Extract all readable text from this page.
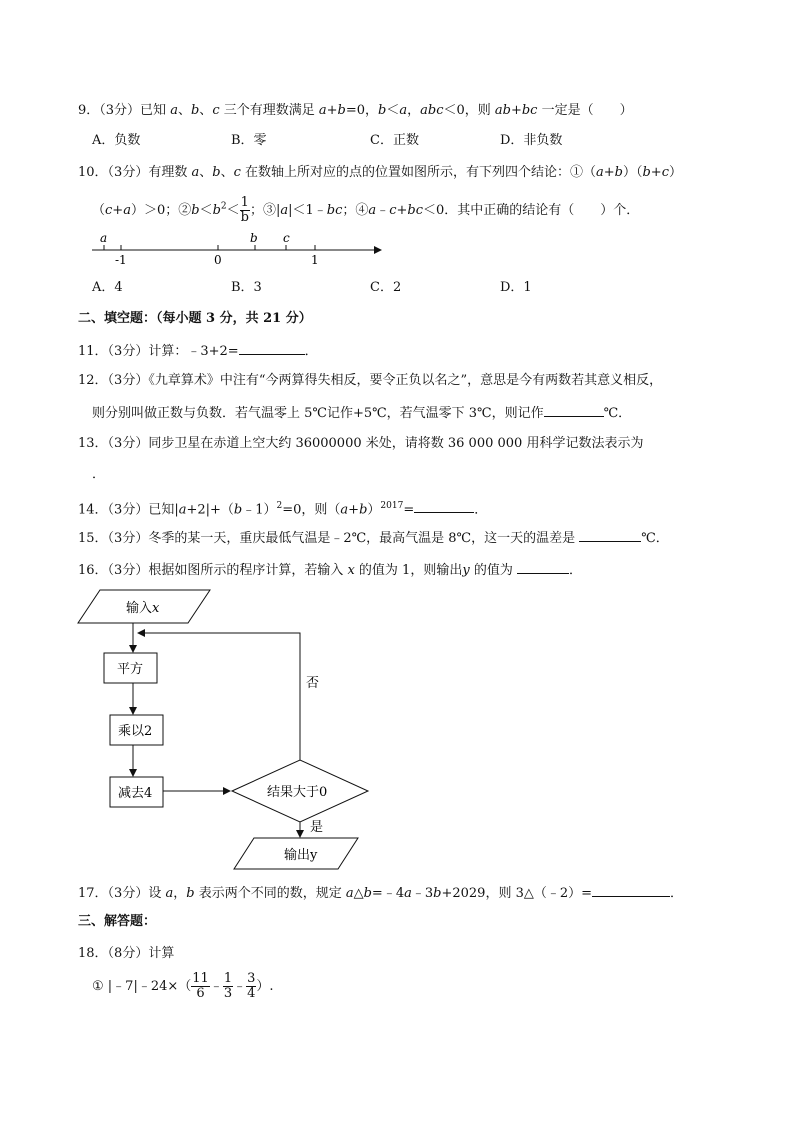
9．（3分）已知 a、b、c 三个有理数满足 a+b=0，b＜a，abc＜0，则 ab+bc 一定是（　　）
A．负数	B．零	C．正数	D．非负数
10．（3分）有理数 a、b、c 在数轴上所对应的点的位置如图所示，有下列四个结论：①（a+b）（b+c）
（c+a）＞0；$②b<b^2< \frac{1}{b}$ ；③|a|＜1﹣bc；④a﹣c+bc＜0．其中正确的结论有（　　）个．
a	b c
-1	0	1
A．4	B．3	C．2	D．1
二、填空题：（每小题 3 分，共 21 分）
11．（3分）计算：﹣3+2=	．
12．（3分）《九章算术》中注有“今两算得失相反，要令正负以名之”，意思是今有两数若其意义相反，
则分别叫做正数与负数．若气温零上 5℃记作+5℃，若气温零下 3℃，则记作	℃．
13．（3分）同步卫星在赤道上空大约 36000000 米处，请将数 36 000 000 用科学记数法表示为
．
14．（3分）已知|a+2|+（b﹣1）$^2$=0，则$(a+b)^{2017}=$	．
15．（3分）冬季的某一天，重庆最低气温是﹣2℃，最高气温是 8℃，这一天的温差是	℃．
16．（3分）根据如图所示的程序计算，若输入 x 的值为 1，则输出y 的值为	．
输入x
平方
乘以2
减去4	结果大于0
否
是
输出y
17．（3分）设 a，b 表示两个不同的数，规定 a△b=﹣4a﹣3b+2029，则 3△（﹣2）=	．
三、解答题：
18．（8分）计算
① |﹣7|﹣24×（ $\frac{11}{6}$ ﹣ $\frac{1}{3}$ ﹣ $\frac{3}{4}$ ）.
